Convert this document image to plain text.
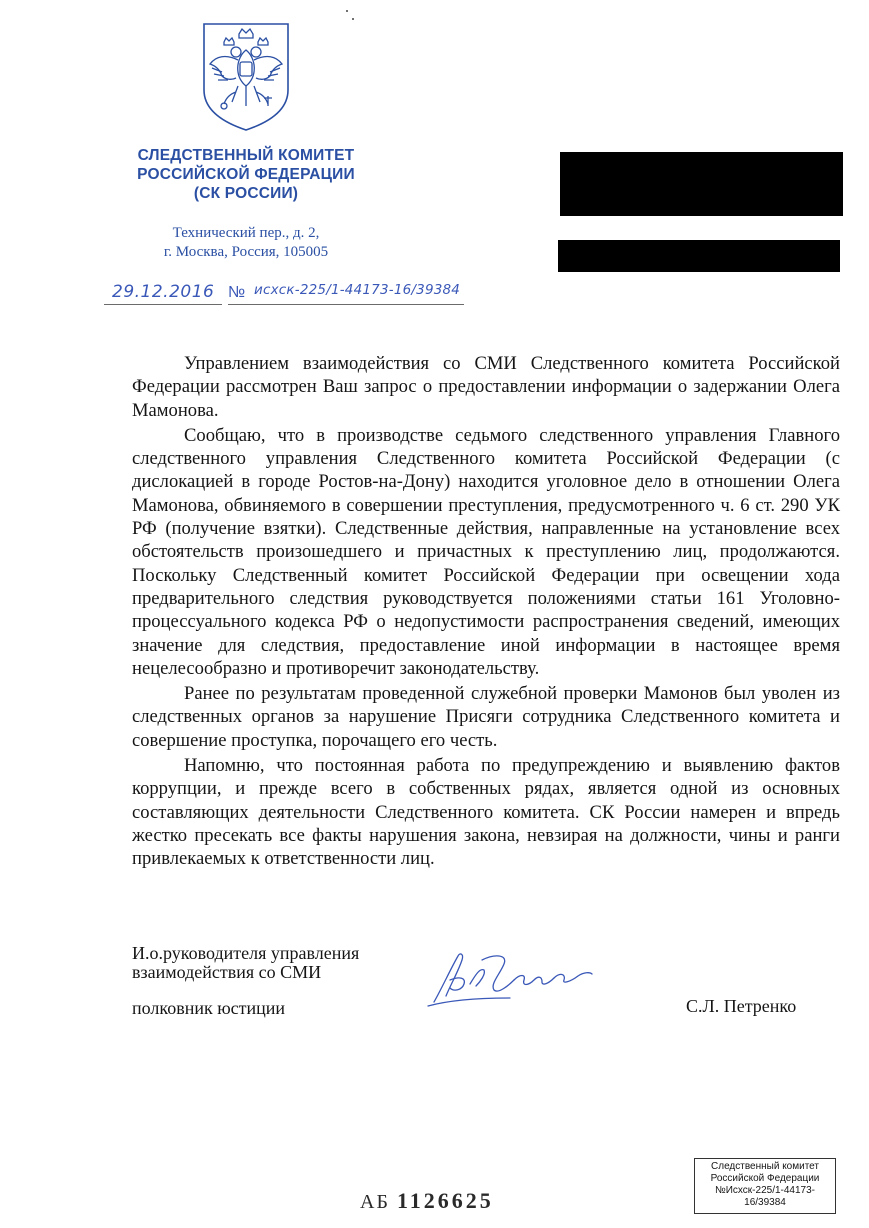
СЛЕДСТВЕННЫЙ КОМИТЕТ
РОССИЙСКОЙ ФЕДЕРАЦИИ
(СК РОССИИ)
Технический пер., д. 2,
г. Москва, Россия, 105005
29.12.2016 № исхск-225/1-44173-16/39384

Управлением взаимодействия со СМИ Следственного комитета Российской Федерации рассмотрен Ваш запрос о предоставлении информации о задержании Олега Мамонова.

Сообщаю, что в производстве седьмого следственного управления Главного следственного управления Следственного комитета Российской Федерации (с дислокацией в городе Ростов-на-Дону) находится уголовное дело в отношении Олега Мамонова, обвиняемого в совершении преступления, предусмотренного ч. 6 ст. 290 УК РФ (получение взятки). Следственные действия, направленные на установление всех обстоятельств произошедшего и причастных к преступлению лиц, продолжаются. Поскольку Следственный комитет Российской Федерации при освещении хода предварительного следствия руководствуется положениями статьи 161 Уголовно-процессуального кодекса РФ о недопустимости распространения сведений, имеющих значение для следствия, предоставление иной информации в настоящее время нецелесообразно и противоречит законодательству.

Ранее по результатам проведенной служебной проверки Мамонов был уволен из следственных органов за нарушение Присяги сотрудника Следственного комитета и совершение проступка, порочащего его честь.

Напомню, что постоянная работа по предупреждению и выявлению фактов коррупции, и прежде всего в собственных рядах, является одной из основных составляющих деятельности Следственного комитета. СК России намерен и впредь жестко пресекать все факты нарушения закона, невзирая на должности, чины и ранги привлекаемых к ответственности лиц.

И.о.руководителя управления
взаимодействия со СМИ
полковник юстиции	С.Л. Петренко
АБ 1126625
Следственный комитет
Российской Федерации
№Исхск-225/1-44173-
16/39384
